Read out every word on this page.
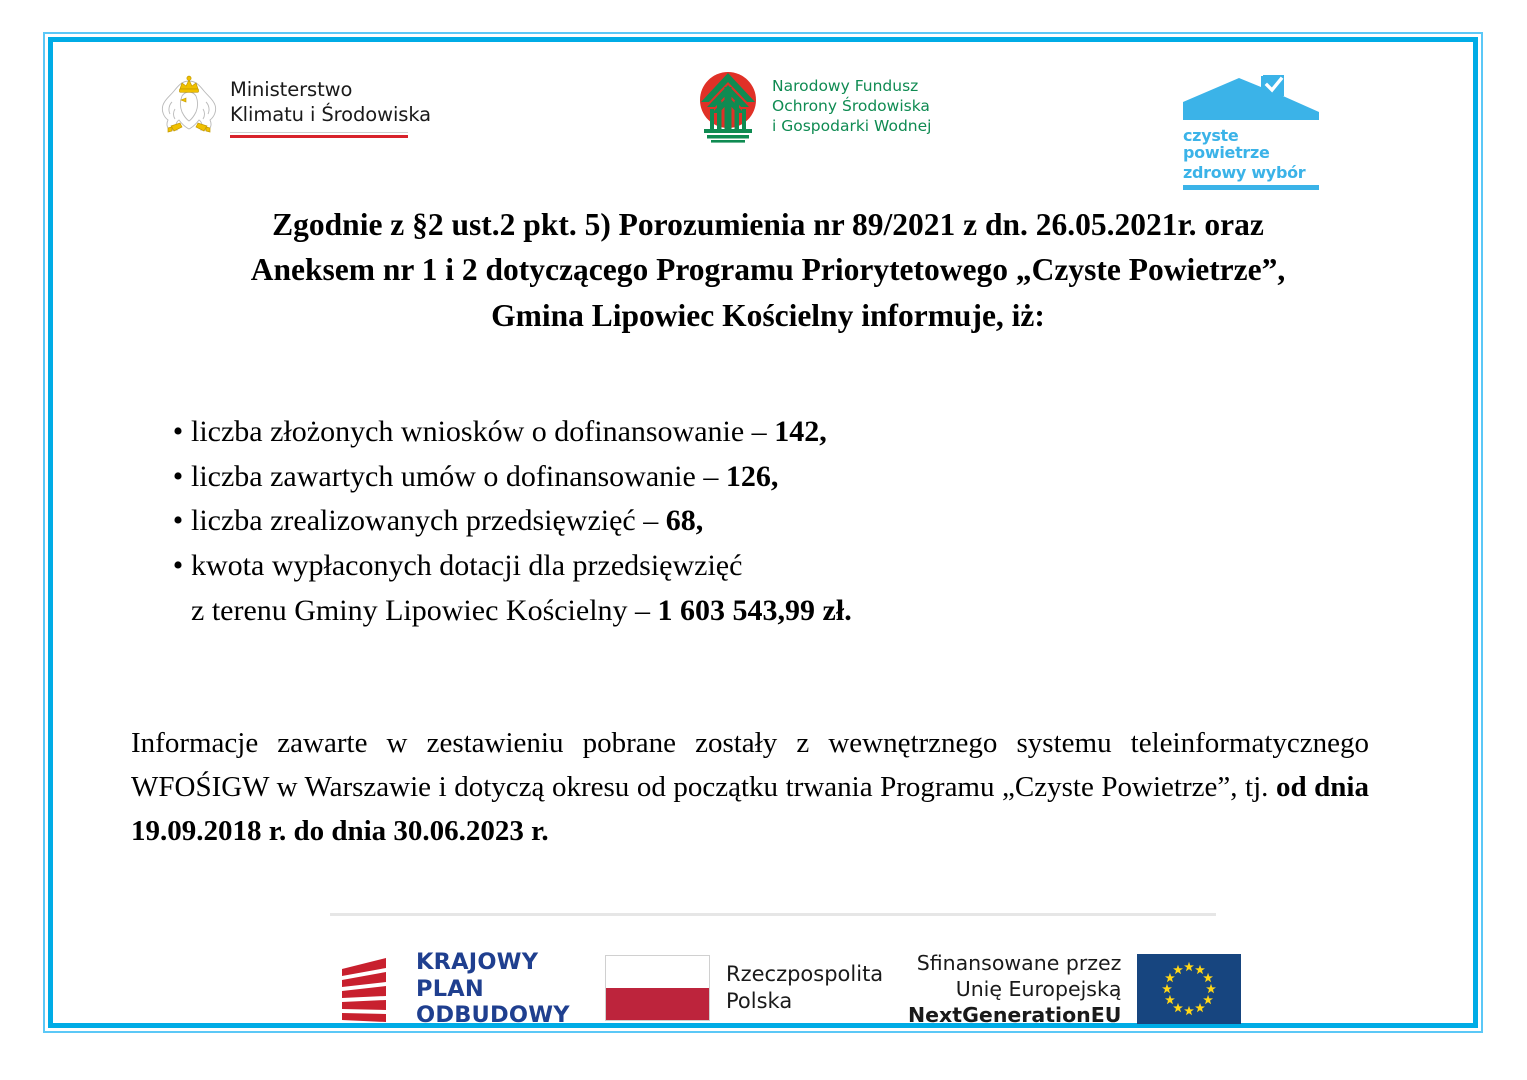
Ministerstwo
Klimatu i Środowiska
Narodowy Fundusz
Ochrony Środowiska
i Gospodarki Wodnej	czyste powietrze
zdrowy wybór
Zgodnie z §2 ust.2 pkt. 5) Porozumienia nr 89/2021 z dn. 26.05.2021r. oraz
Aneksem nr 1 i 2 dotyczącego Programu Priorytetowego „Czyste Powietrze”,
Gmina Lipowiec Kościelny informuje, iż:
• liczba złożonych wniosków o dofinansowanie – 142,
• liczba zawartych umów o dofinansowanie – 126,
• liczba zrealizowanych przedsięwzięć – 68,
• kwota wypłaconych dotacji dla przedsięwzięć
z terenu Gminy Lipowiec Kościelny – 1 603 543,99 zł.
Informacje zawarte w zestawieniu pobrane zostały z wewnętrznego systemu teleinformatycznego WFOŚIGW w Warszawie i dotyczą okresu od początku trwania Programu „Czyste Powietrze”, tj. od dnia 19.09.2018 r. do dnia 30.06.2023 r.
KRAJOWY
PLAN
ODBUDOWY
Rzeczpospolita
Polska
Sfinansowane przez
Unię Europejską
NextGenerationEU
